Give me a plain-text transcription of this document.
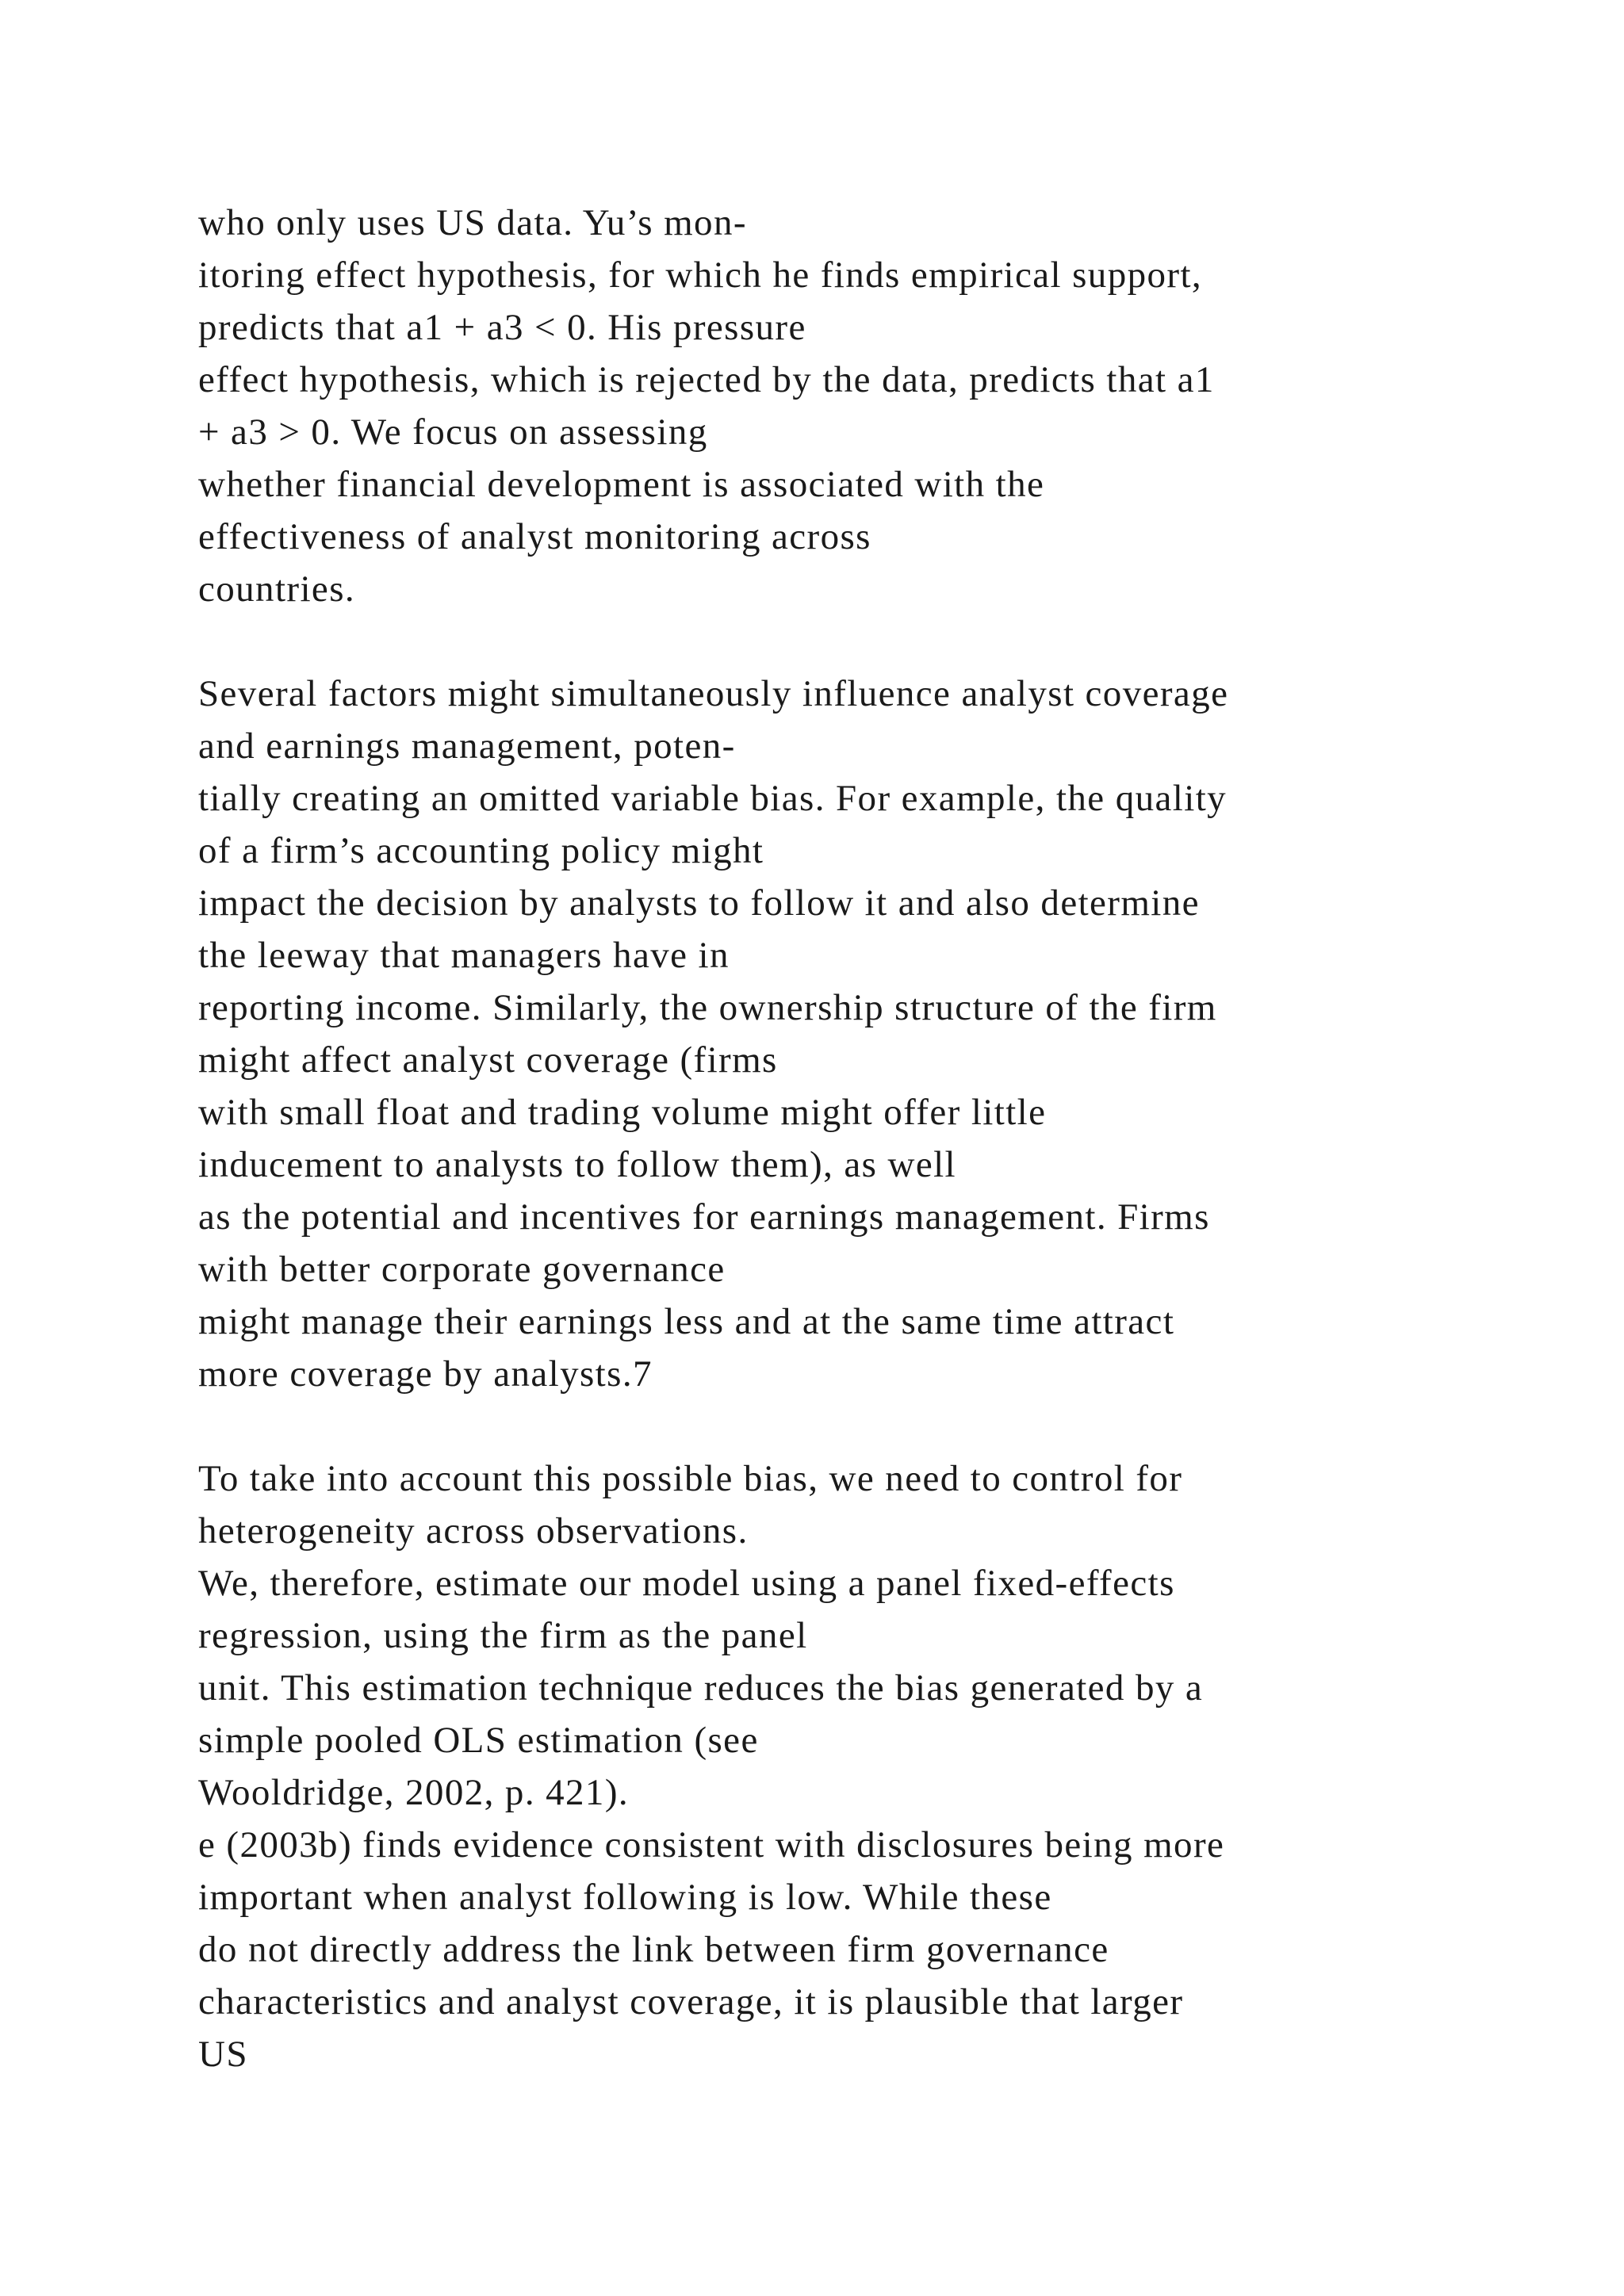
who only uses US data. Yu’s mon-
itoring effect hypothesis, for which he finds empirical support,
predicts that a1 + a3 < 0. His pressure
effect hypothesis, which is rejected by the data, predicts that a1
+ a3 > 0. We focus on assessing
whether financial development is associated with the
effectiveness of analyst monitoring across
countries.
Several factors might simultaneously influence analyst coverage
and earnings management, poten-
tially creating an omitted variable bias. For example, the quality
of a firm’s accounting policy might
impact the decision by analysts to follow it and also determine
the leeway that managers have in
reporting income. Similarly, the ownership structure of the firm
might affect analyst coverage (firms
with small float and trading volume might offer little
inducement to analysts to follow them), as well
as the potential and incentives for earnings management. Firms
with better corporate governance
might manage their earnings less and at the same time attract
more coverage by analysts.7
To take into account this possible bias, we need to control for
heterogeneity across observations.
We, therefore, estimate our model using a panel fixed-effects
regression, using the firm as the panel
unit. This estimation technique reduces the bias generated by a
simple pooled OLS estimation (see
Wooldridge, 2002, p. 421).
e (2003b) finds evidence consistent with disclosures being more
important when analyst following is low. While these
do not directly address the link between firm governance
characteristics and analyst coverage, it is plausible that larger
US
